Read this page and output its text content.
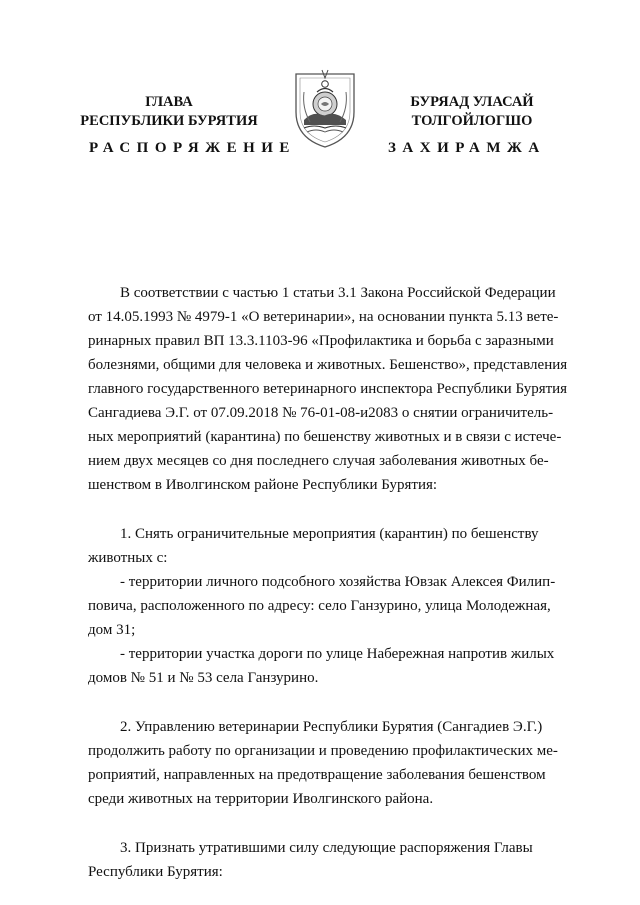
ГЛАВА
РЕСПУБЛИКИ БУРЯТИЯ
РАСПОРЯЖЕНИЕ
БУРЯАД УЛАСАЙ
ТОЛГОЙЛОГШО
ЗАХИРАМЖА

В соответствии с частью 1 статьи 3.1 Закона Российской Федерации

от 14.05.1993 № 4979-1 «О ветеринарии», на основании пункта 5.13 вете-

ринарных правил ВП 13.3.1103-96 «Профилактика и борьба с заразными

болезнями, общими для человека и животных. Бешенство», представления

главного государственного ветеринарного инспектора Республики Бурятия

Сангадиева Э.Г. от 07.09.2018 № 76-01-08-и2083 о снятии ограничитель-

ных мероприятий (карантина) по бешенству животных и в связи с истече-

нием двух месяцев со дня последнего случая заболевания животных бе-

шенством в Иволгинском районе Республики Бурятия:

1. Снять ограничительные мероприятия (карантин) по бешенству

животных с:

- территории личного подсобного хозяйства Ювзак Алексея Филип-

повича, расположенного по адресу: село Ганзурино, улица Молодежная,

дом 31;

- территории участка дороги по улице Набережная напротив жилых

домов № 51 и № 53 села Ганзурино.

2. Управлению ветеринарии Республики Бурятия (Сангадиев Э.Г.)

продолжить работу по организации и проведению профилактических ме-

роприятий, направленных на предотвращение заболевания бешенством

среди животных на территории Иволгинского района.

3. Признать утратившими силу следующие распоряжения Главы

Республики Бурятия:
